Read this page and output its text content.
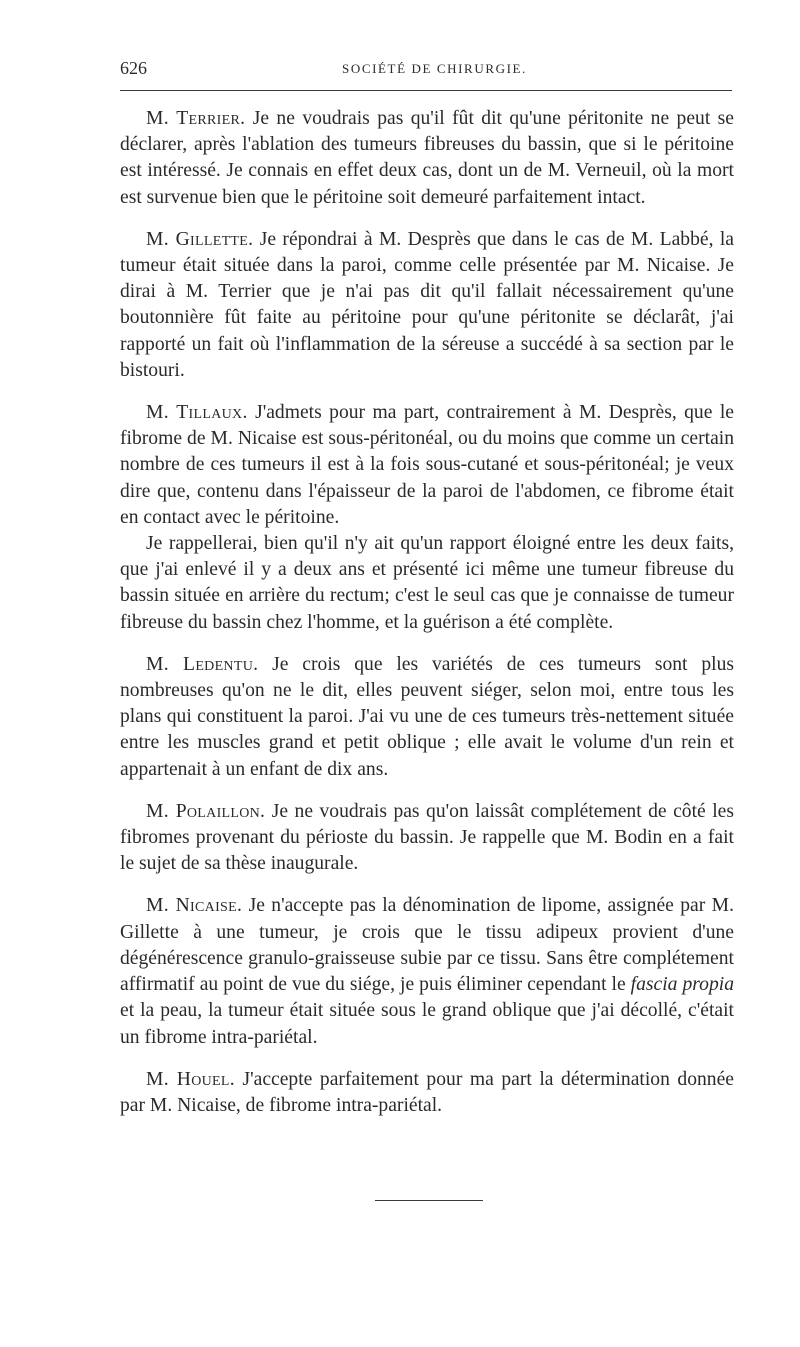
626	SOCIÉTÉ DE CHIRURGIE.

M. Terrier. Je ne voudrais pas qu'il fût dit qu'une péritonite ne peut se déclarer, après l'ablation des tumeurs fibreuses du bassin, que si le péritoine est intéressé. Je connais en effet deux cas, dont un de M. Verneuil, où la mort est survenue bien que le péritoine soit demeuré parfaitement intact.

M. Gillette. Je répondrai à M. Desprès que dans le cas de M. Labbé, la tumeur était située dans la paroi, comme celle présentée par M. Nicaise. Je dirai à M. Terrier que je n'ai pas dit qu'il fallait nécessairement qu'une boutonnière fût faite au péritoine pour qu'une péritonite se déclarât, j'ai rapporté un fait où l'inflammation de la séreuse a succédé à sa section par le bistouri.

M. Tillaux. J'admets pour ma part, contrairement à M. Desprès, que le fibrome de M. Nicaise est sous-péritonéal, ou du moins que comme un certain nombre de ces tumeurs il est à la fois sous-cutané et sous-péritonéal; je veux dire que, contenu dans l'épaisseur de la paroi de l'abdomen, ce fibrome était en contact avec le péritoine.

Je rappellerai, bien qu'il n'y ait qu'un rapport éloigné entre les deux faits, que j'ai enlevé il y a deux ans et présenté ici même une tumeur fibreuse du bassin située en arrière du rectum; c'est le seul cas que je connaisse de tumeur fibreuse du bassin chez l'homme, et la guérison a été complète.

M. Ledentu. Je crois que les variétés de ces tumeurs sont plus nombreuses qu'on ne le dit, elles peuvent siéger, selon moi, entre tous les plans qui constituent la paroi. J'ai vu une de ces tumeurs très-nettement située entre les muscles grand et petit oblique ; elle avait le volume d'un rein et appartenait à un enfant de dix ans.

M. Polaillon. Je ne voudrais pas qu'on laissât complétement de côté les fibromes provenant du périoste du bassin. Je rappelle que M. Bodin en a fait le sujet de sa thèse inaugurale.

M. Nicaise. Je n'accepte pas la dénomination de lipome, assignée par M. Gillette à une tumeur, je crois que le tissu adipeux provient d'une dégénérescence granulo-graisseuse subie par ce tissu. Sans être complétement affirmatif au point de vue du siége, je puis éliminer cependant le fascia propia et la peau, la tumeur était située sous le grand oblique que j'ai décollé, c'était un fibrome intra-pariétal.

M. Houel. J'accepte parfaitement pour ma part la détermination donnée par M. Nicaise, de fibrome intra-pariétal.
